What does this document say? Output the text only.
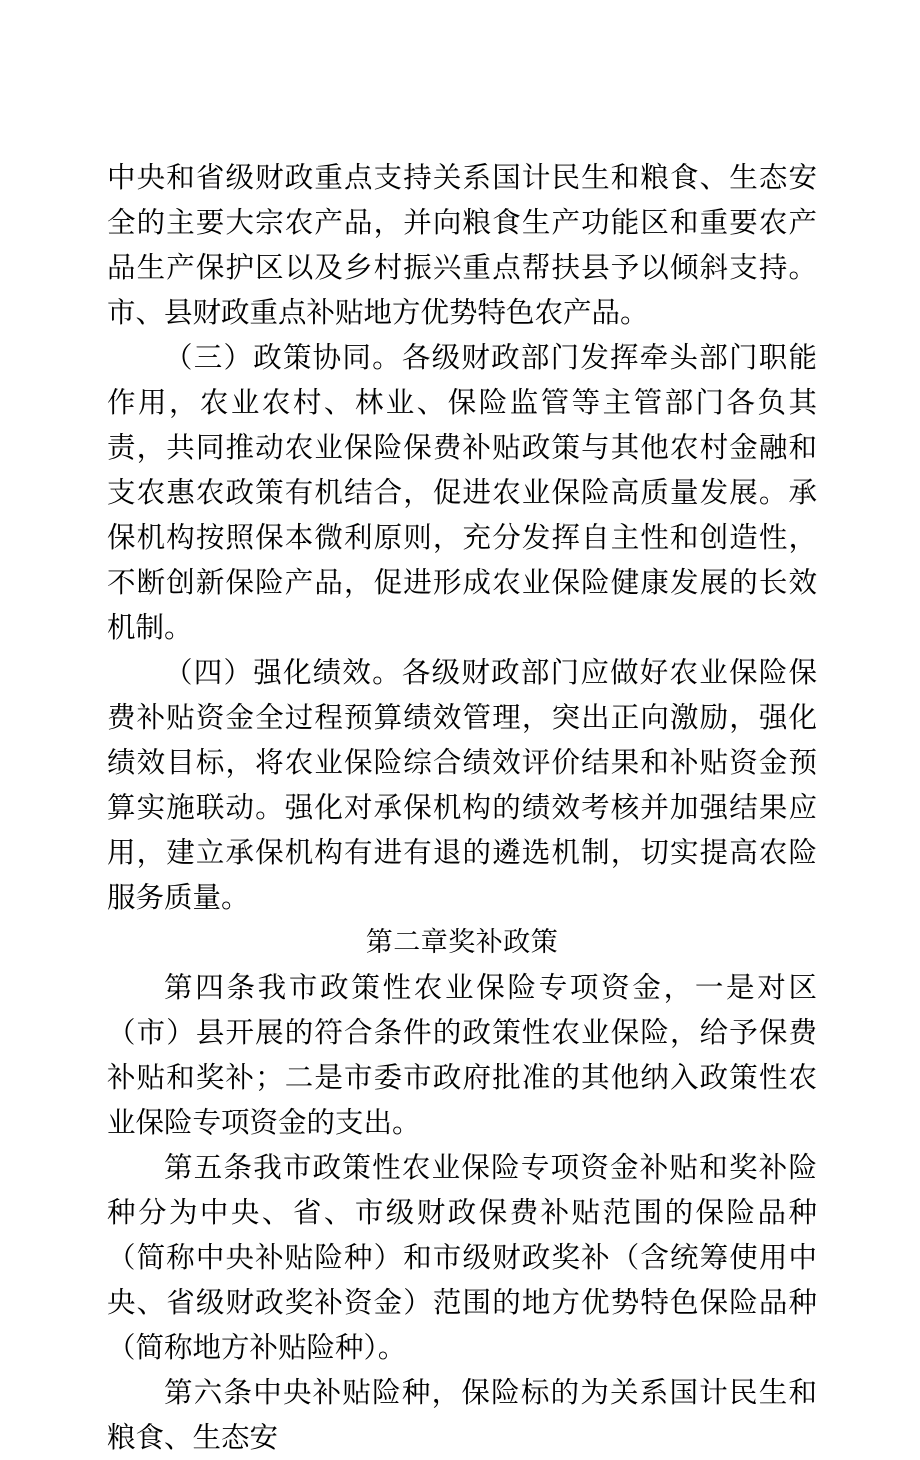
中央和省级财政重点支持关系国计民生和粮食、生态安全的主要大宗农产品，并向粮食生产功能区和重要农产品生产保护区以及乡村振兴重点帮扶县予以倾斜支持。市、县财政重点补贴地方优势特色农产品。

（三）政策协同。各级财政部门发挥牵头部门职能作用，农业农村、林业、保险监管等主管部门各负其责，共同推动农业保险保费补贴政策与其他农村金融和支农惠农政策有机结合，促进农业保险高质量发展。承保机构按照保本微利原则，充分发挥自主性和创造性，不断创新保险产品，促进形成农业保险健康发展的长效机制。

（四）强化绩效。各级财政部门应做好农业保险保费补贴资金全过程预算绩效管理，突出正向激励，强化绩效目标，将农业保险综合绩效评价结果和补贴资金预算实施联动。强化对承保机构的绩效考核并加强结果应用，建立承保机构有进有退的遴选机制，切实提高农险服务质量。

第二章奖补政策

第四条我市政策性农业保险专项资金，一是对区（市）县开展的符合条件的政策性农业保险，给予保费补贴和奖补；二是市委市政府批准的其他纳入政策性农业保险专项资金的支出。

第五条我市政策性农业保险专项资金补贴和奖补险种分为中央、省、市级财政保费补贴范围的保险品种（简称中央补贴险种）和市级财政奖补（含统筹使用中央、省级财政奖补资金）范围的地方优势特色保险品种（简称地方补贴险种）。

第六条中央补贴险种，保险标的为关系国计民生和粮食、生态安
